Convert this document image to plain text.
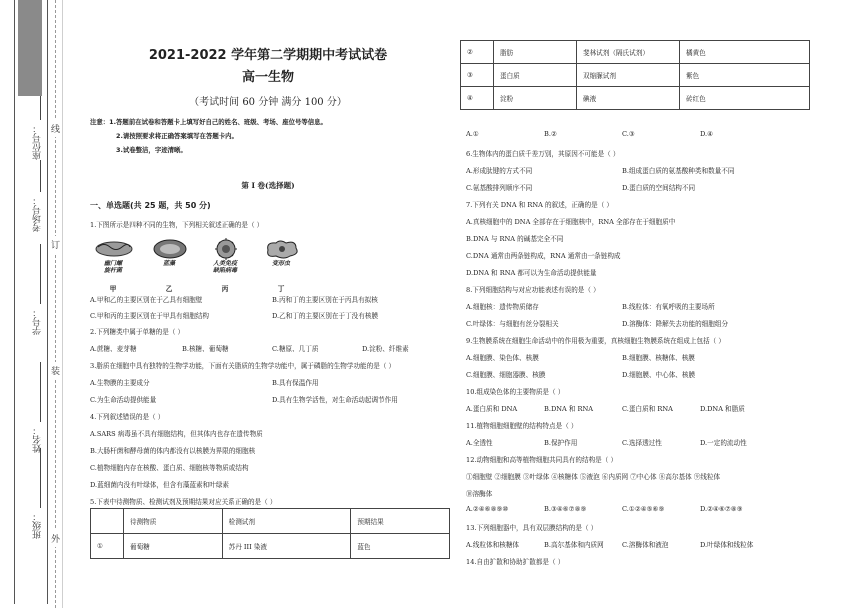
班级：
姓名：
学号：
考场号：
座位号： 线
订
装
外
2021-2022 学年第二学期期中考试试卷
高一生物
（考试时间 60 分钟 满分 100 分）
注意：1.答题前在试卷和答题卡上填写好自己的姓名、班级、考场、座位号等信息。
2.请按照要求将正确答案填写在答题卡内。
3.试卷整洁，字迹清晰。
第 I 卷(选择题)
一、单选题(共 25 题，共 50 分)
1.下图所示是四种不同的生物，下列相关叙述正确的是（ ）
幽门螺
旋杆菌
甲
蓝藻
乙
人类免疫
缺陷病毒
丙
变形虫
丁
A.甲和乙的主要区别在于乙具有细胞壁	B.丙和丁的主要区别在于丙具有拟核
C.甲和丙的主要区别在于甲具有细胞结构	D.乙和丁的主要区别在于丁没有核膜
2.下列糖类中属于单糖的是（ ）
A.蔗糖、麦芽糖	B.核糖、葡萄糖	C.糖原、几丁质	D.淀粉、纤维素
3.脂质在细胞中具有独特的生物学功能，下面有关脂质的生物学功能中，属于磷脂的生物学功能的是（ ）
A.生物膜的主要成分	B.具有保温作用
C.为生命活动提供能量	D.具有生物学活性，对生命活动起调节作用
4.下列叙述错误的是（ ）
A.SARS 病毒虽不具有细胞结构，但其体内也存在遗传物质
B.大肠杆菌和酵母菌的体内都没有以核膜为界限的细胞核
C.植物细胞内存在核酸、蛋白质、细胞核等物质或结构
D.蓝细菌内没有叶绿体，但含有藻蓝素和叶绿素
5.下表中待测物质、检测试剂及预期结果对应关系正确的是（ ）
	待测物质	检测试剂	预期结果
①	葡萄糖	苏丹 III 染液	蓝色
②	脂肪	斐林试剂（隔氏试剂）	橘黄色
③	蛋白质	双缩脲试剂	紫色
④	淀粉	碘液	砖红色
A.①	B.②	C.③	D.④
6.生物体内的蛋白质千差万别，其原因不可能是（ ）
A.形成肽键的方式不同	B.组成蛋白质的氨基酸种类和数量不同
C.氨基酸排列顺序不同	D.蛋白质的空间结构不同
7.下列有关 DNA 和 RNA 的叙述，正确的是（ ）
A.真核细胞中的 DNA 全部存在于细胞核中，RNA 全部存在于细胞质中
B.DNA 与 RNA 的碱基完全不同
C.DNA 通常由两条链构成，RNA 通常由一条链构成
D.DNA 和 RNA 都可以为生命活动提供能量
8.下列细胞结构与对应功能表述有误的是（ ）
A.细胞核：遗传物质储存	B.线粒体：有氧呼吸的主要场所
C.叶绿体：与细胞有丝分裂相关	D.溶酶体：降解失去功能的细胞组分
9.生物膜系统在细胞生命活动中的作用极为重要，真核细胞生物膜系统在组成上包括（ ）
A.细胞膜、染色体、核膜	B.细胞膜、核糖体、核膜
C.细胞膜、细胞器膜、核膜	D.细胞膜、中心体、核膜
10.组成染色体的主要物质是（ ）
A.蛋白质和 DNA	B.DNA 和 RNA	C.蛋白质和 RNA	D.DNA 和脂质
11.植物细胞细胞壁的结构特点是（ ）
A.全透性	B.保护作用	C.选择透过性	D.一定的流动性
12.动物细胞和高等植物细胞共同具有的结构是（ ）
①细胞壁 ②细胞膜 ③叶绿体 ④核糖体 ⑤液泡 ⑥内质网 ⑦中心体 ⑧高尔基体 ⑨线粒体
⑩溶酶体
A.②④⑥⑧⑨⑩	B.③④⑥⑦⑧⑨	C.①②④⑤⑥⑨	D.②④⑥⑦⑧⑨
13.下列细胞器中，具有双层膜结构的是（ ）
A.线粒体和核糖体	B.高尔基体和内质网	C.溶酶体和液泡	D.叶绿体和线粒体
14.自由扩散和协助扩散都是（ ）
